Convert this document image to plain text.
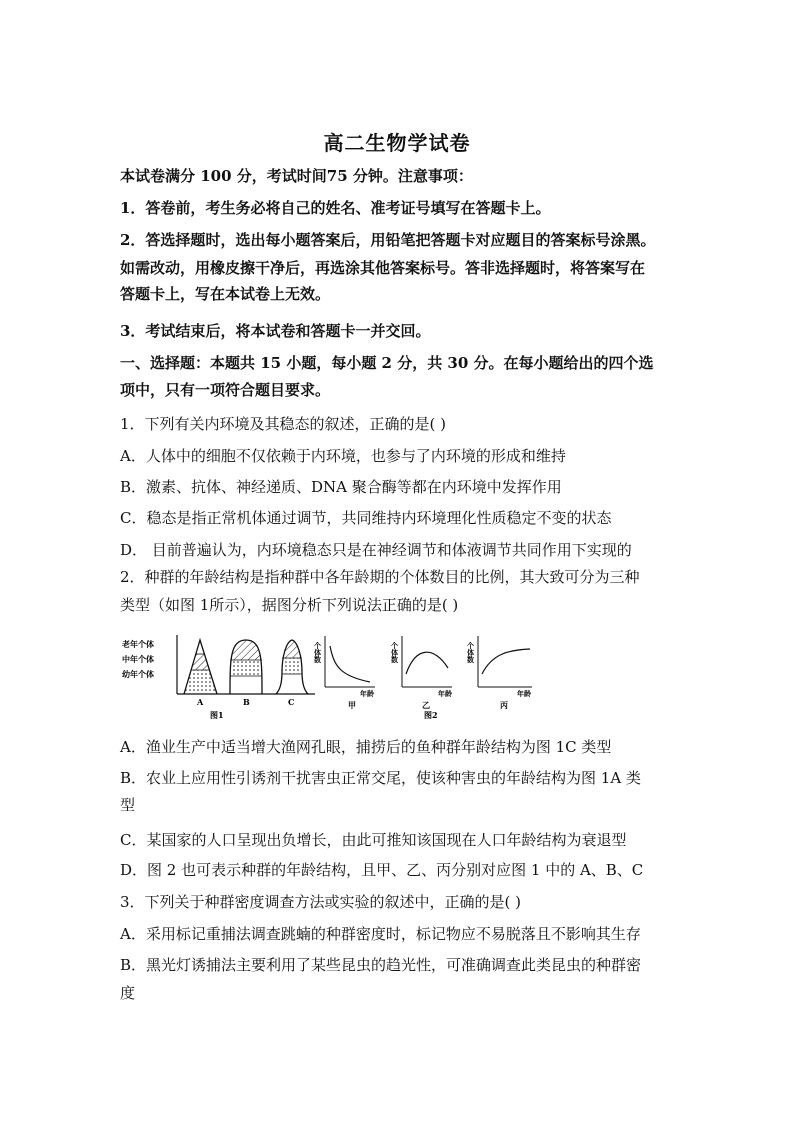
高二生物学试卷
本试卷满分 100 分，考试时间75 分钟。注意事项：
1．答卷前，考生务必将自己的姓名、准考证号填写在答题卡上。
2．答选择题时，选出每小题答案后，用铅笔把答题卡对应题目的答案标号涂黑。
如需改动，用橡皮擦干净后，再选涂其他答案标号。答非选择题时，将答案写在
答题卡上，写在本试卷上无效。
3．考试结束后，将本试卷和答题卡一并交回。
一、选择题：本题共 15 小题，每小题 2 分，共 30 分。在每小题给出的四个选
项中，只有一项符合题目要求。
1．下列有关内环境及其稳态的叙述，正确的是( )
A．人体中的细胞不仅依赖于内环境，也参与了内环境的形成和维持
B．激素、抗体、神经递质、DNA 聚合酶等都在内环境中发挥作用
C．稳态是指正常机体通过调节，共同维持内环境理化性质稳定不变的状态
D． 目前普遍认为，内环境稳态只是在神经调节和体液调节共同作用下实现的
2．种群的年龄结构是指种群中各年龄期的个体数目的比例，其大致可分为三种
类型（如图 1所示），据图分析下列说法正确的是( )
老年个体
中年个体
幼年个体
A	B	C
图1
个体数
年龄
甲
个体数
年龄
乙
个体数
年龄
丙
图2
A．渔业生产中适当增大渔网孔眼，捕捞后的鱼种群年龄结构为图 1C 类型
B．农业上应用性引诱剂干扰害虫正常交尾，使该种害虫的年龄结构为图 1A 类
型
C．某国家的人口呈现出负增长，由此可推知该国现在人口年龄结构为衰退型
D．图 2 也可表示种群的年龄结构，且甲、乙、丙分别对应图 1 中的 A、B、C
3．下列关于种群密度调查方法或实验的叙述中，正确的是( )
A．采用标记重捕法调查跳蝻的种群密度时，标记物应不易脱落且不影响其生存
B．黑光灯诱捕法主要利用了某些昆虫的趋光性，可准确调查此类昆虫的种群密
度
